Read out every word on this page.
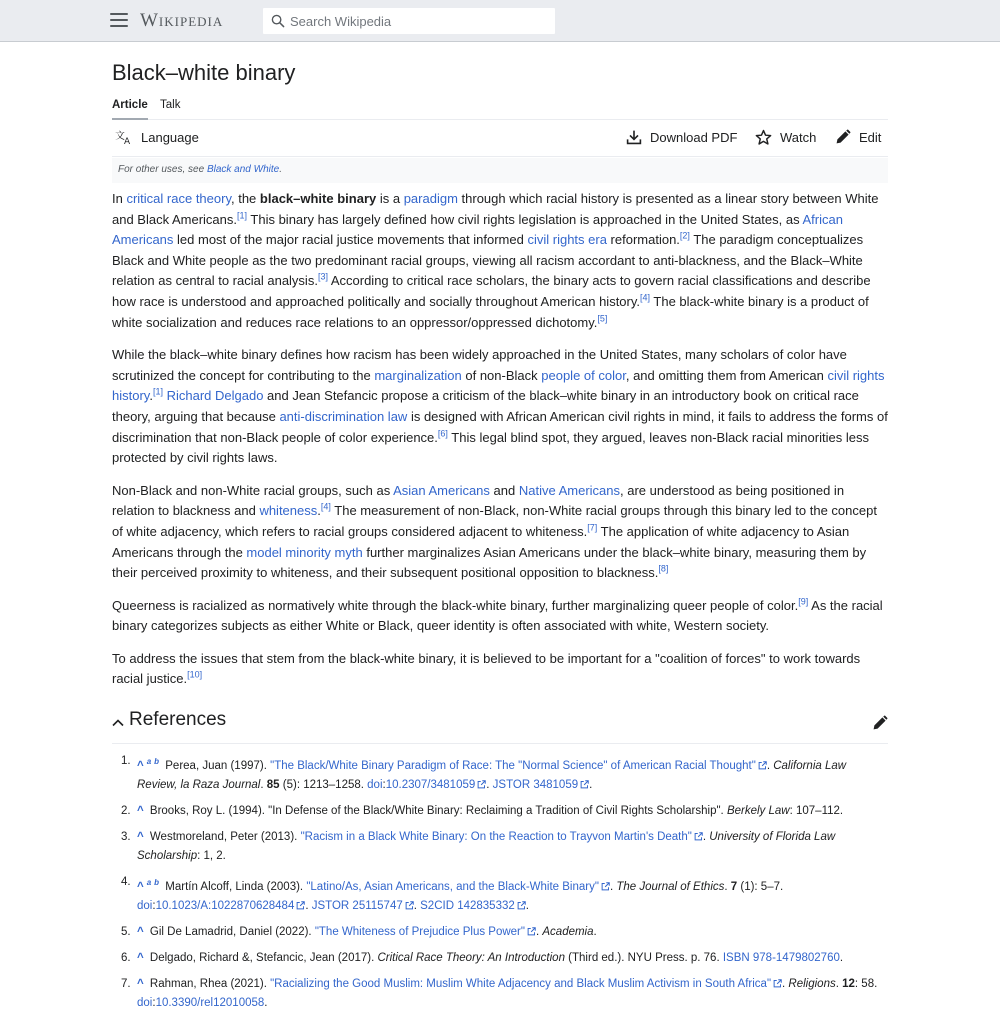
Wikipedia
Search Wikipedia
Black–white binary
Article Talk
文
A Language	Download PDF	Watch	Edit
For other uses, see Black and White.

In critical race theory, the black–white binary is a paradigm through which racial history is presented as a linear story between White and Black Americans.[1] This binary has largely defined how civil rights legislation is approached in the United States, as African Americans led most of the major racial justice movements that informed civil rights era reformation.[2] The paradigm conceptualizes Black and White people as the two predominant racial groups, viewing all racism accordant to anti-blackness, and the Black–White relation as central to racial analysis.[3] According to critical race scholars, the binary acts to govern racial classifications and describe how race is understood and approached politically and socially throughout American history.[4] The black-white binary is a product of white socialization and reduces race relations to an oppressor/oppressed dichotomy.[5]

While the black–white binary defines how racism has been widely approached in the United States, many scholars of color have scrutinized the concept for contributing to the marginalization of non-Black people of color, and omitting them from American civil rights history.[1] Richard Delgado and Jean Stefancic propose a criticism of the black–white binary in an introductory book on critical race theory, arguing that because anti-discrimination law is designed with African American civil rights in mind, it fails to address the forms of discrimination that non-Black people of color experience.[6] This legal blind spot, they argued, leaves non-Black racial minorities less protected by civil rights laws.

Non-Black and non-White racial groups, such as Asian Americans and Native Americans, are understood as being positioned in relation to blackness and whiteness.[4] The measurement of non-Black, non-White racial groups through this binary led to the concept of white adjacency, which refers to racial groups considered adjacent to whiteness.[7] The application of white adjacency to Asian Americans through the model minority myth further marginalizes Asian Americans under the black–white binary, measuring them by their perceived proximity to whiteness, and their subsequent positional opposition to blackness.[8]

Queerness is racialized as normatively white through the black-white binary, further marginalizing queer people of color.[9] As the racial binary categorizes subjects as either White or Black, queer identity is often associated with white, Western society.

To address the issues that stem from the black-white binary, it is believed to be important for a "coalition of forces" to work towards racial justice.[10]

References
1. ^ $^a$ $^b$ Perea, Juan (1997). "The Black/White Binary Paradigm of Race: The "Normal Science" of American Racial Thought" . California Law Review, la Raza Journal. 85 (5): 1213–1258. doi:10.2307/3481059 . JSTOR 3481059 .
2. ^ Brooks, Roy L. (1994). "In Defense of the Black/White Binary: Reclaiming a Tradition of Civil Rights Scholarship". Berkely Law: 107–112.
3. ^ Westmoreland, Peter (2013). "Racism in a Black White Binary: On the Reaction to Trayvon Martin's Death" . University of Florida Law Scholarship: 1, 2.
4. ^ $^a$ $^b$ Martín Alcoff, Linda (2003). "Latino/As, Asian Americans, and the Black-White Binary" . The Journal of Ethics. 7 (1): 5–7. doi:10.1023/A:1022870628484 . JSTOR 25115747 . S2CID 142835332 .
5. ^ Gil De Lamadrid, Daniel (2022). "The Whiteness of Prejudice Plus Power" . Academia.
6. ^ Delgado, Richard &, Stefancic, Jean (2017). Critical Race Theory: An Introduction (Third ed.). NYU Press. p. 76. ISBN 978-1479802760.
7. ^ Rahman, Rhea (2021). "Racializing the Good Muslim: Muslim White Adjacency and Black Muslim Activism in South Africa" . Religions. 12: 58. doi:10.3390/rel12010058.
